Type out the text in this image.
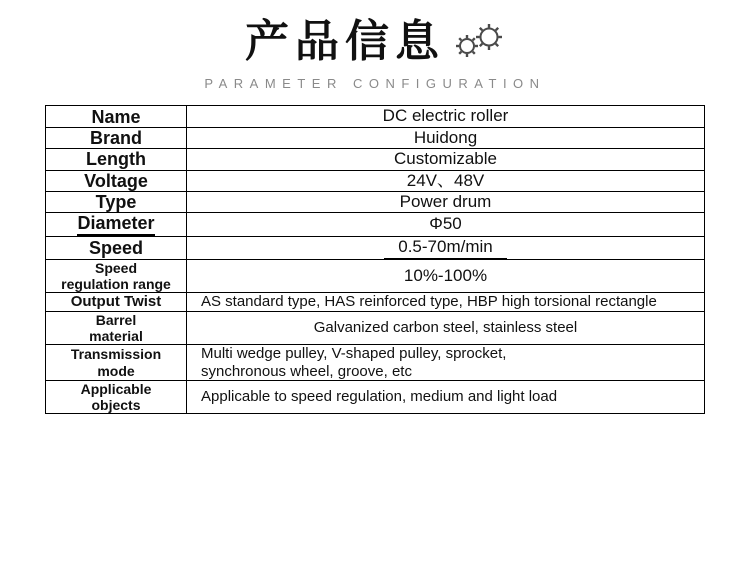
产品信息
PARAMETER CONFIGURATION
Name	DC electric roller
Brand	Huidong
Length	Customizable
Voltage	24V、48V
Type	Power drum
Diameter	Φ50
Speed	0.5-70m/min

Speed
regulation range	10%-100%
Output Twist	AS standard type, HAS reinforced type, HBP high torsional rectangle

Barrel
material	Galvanized carbon steel, stainless steel

Transmission
mode	Multi wedge pulley, V-shaped pulley, sprocket,
synchronous wheel, groove, etc

Applicable
objects	Applicable to speed regulation, medium and light load
